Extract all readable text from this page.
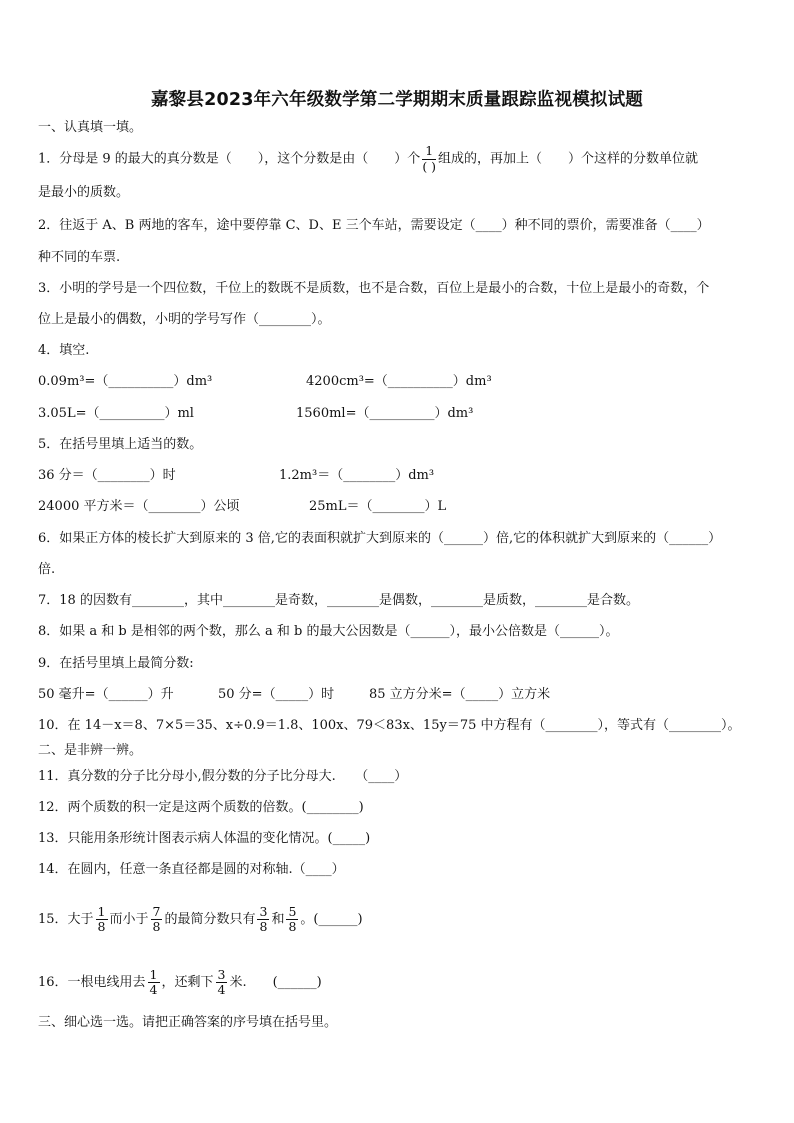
嘉黎县2023年六年级数学第二学期期末质量跟踪监视模拟试题
一、认真填一填。
1．分母是 9 的最大的真分数是（　　），这个分数是由（　　）个 $\frac{1}{( )}$ 组成的，再加上（　　）个这样的分数单位就
是最小的质数。
2．往返于 A、B 两地的客车，途中要停靠 C、D、E 三个车站，需要设定（____）种不同的票价，需要准备（____）
种不同的车票.
3．小明的学号是一个四位数，千位上的数既不是质数，也不是合数，百位上是最小的合数，十位上是最小的奇数，个
位上是最小的偶数，小明的学号写作（________）。
4．填空.
0.09m³=（__________）dm³	4200cm³=（__________）dm³
3.05L=（__________）ml	1560ml=（__________）dm³
5．在括号里填上适当的数。
36 分＝（________）时	1.2m³＝（________）dm³
24000 平方米＝（________）公顷	25mL＝（________）L
6．如果正方体的棱长扩大到原来的 3 倍,它的表面积就扩大到原来的（______）倍,它的体积就扩大到原来的（______）
倍.
7．18 的因数有________，其中________是奇数，________是偶数，________是质数，________是合数。
8．如果 a 和 b 是相邻的两个数，那么 a 和 b 的最大公因数是（______），最小公倍数是（______）。
9．在括号里填上最简分数:
50 毫升=（______）升	50 分=（_____）时	85 立方分米=（_____）立方米
10．在 14－x＝8、7×5＝35、x÷0.9＝1.8、100x、79＜83x、15y＝75 中方程有（________），等式有（________）。
二、是非辨一辨。
11．真分数的分子比分母小,假分数的分子比分母大.　　（____）
12．两个质数的积一定是这两个质数的倍数。(________)
13．只能用条形统计图表示病人体温的变化情况。(_____)
14．在圆内，任意一条直径都是圆的对称轴.（____）
15．大于 $\frac{1}{8}$ 而小于 $\frac{7}{8}$ 的最简分数只有 $\frac{3}{8}$ 和 $\frac{5}{8}$ 。(______)
16．一根电线用去 $\frac{1}{4}$ ，还剩下 $\frac{3}{4}$ 米.　　(______)
三、细心选一选。请把正确答案的序号填在括号里。
